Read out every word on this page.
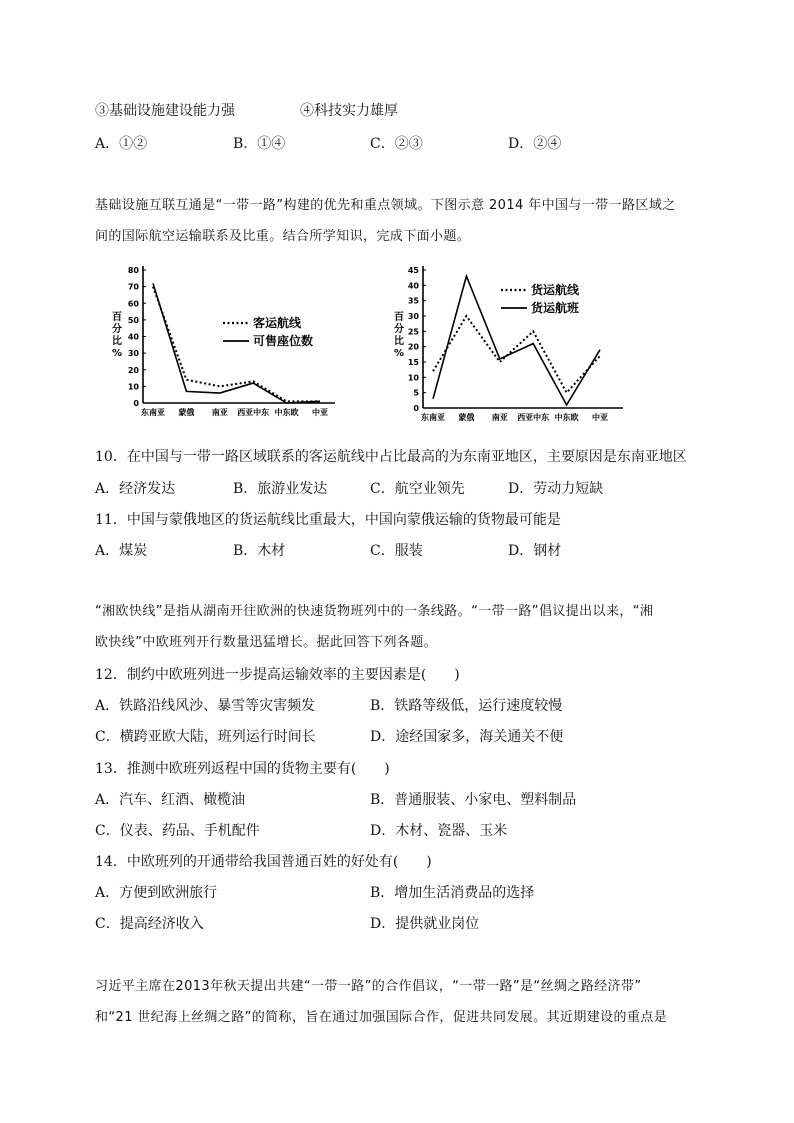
③基础设施建设能力强	④科技实力雄厚
A．①②	B．①④	C．②③	D．②④
基础设施互联互通是“一带一路”构建的优先和重点领域。下图示意 2014 年中国与一带一路区域之
间的国际航空运输联系及比重。结合所学知识，完成下面小题。
0
10
20
30
40
50
60
70
80
东南亚 蒙俄 南亚 西亚中东 中东欧 中亚
百
分
比
%
客运航线
可售座位数
0
5
10
15
20
25
30
35
40
45
东南亚 蒙俄 南亚 西亚中东 中东欧 中亚
百
分
比
%
货运航线
货运航班
10．在中国与一带一路区域联系的客运航线中占比最高的为东南亚地区，主要原因是东南亚地区
A．经济发达	B．旅游业发达	C．航空业领先	D．劳动力短缺
11．中国与蒙俄地区的货运航线比重最大，中国向蒙俄运输的货物最可能是
A．煤炭	B．木材	C．服装	D．钢材
“湘欧快线”是指从湖南开往欧洲的快速货物班列中的一条线路。“一带一路”倡议提出以来，“湘
欧快线”中欧班列开行数量迅猛增长。据此回答下列各题。
12．制约中欧班列进一步提高运输效率的主要因素是(　　)
A．铁路沿线风沙、暴雪等灾害频发	B．铁路等级低，运行速度较慢
C．横跨亚欧大陆，班列运行时间长	D．途经国家多，海关通关不便
13．推测中欧班列返程中国的货物主要有(　　)
A．汽车、红酒、橄榄油	B．普通服装、小家电、塑料制品
C．仪表、药品、手机配件	D．木材、瓷器、玉米
14．中欧班列的开通带给我国普通百姓的好处有(　　)
A．方便到欧洲旅行	B．增加生活消费品的选择
C．提高经济收入	D．提供就业岗位
习近平主席在2013年秋天提出共建“一带一路”的合作倡议，“一带一路”是“丝绸之路经济带”
和“21 世纪海上丝绸之路”的简称，旨在通过加强国际合作，促进共同发展。其近期建设的重点是
